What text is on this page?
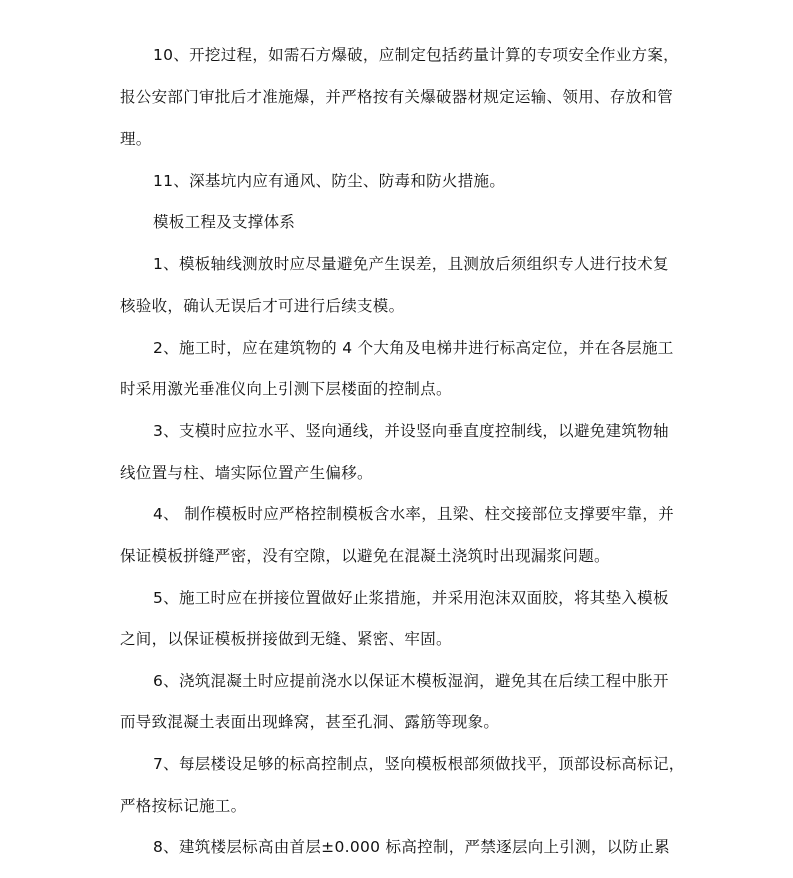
10、开挖过程，如需石方爆破，应制定包括药量计算的专项安全作业方案，
报公安部门审批后才准施爆，并严格按有关爆破器材规定运输、领用、存放和管
理。
11、深基坑内应有通风、防尘、防毒和防火措施。
模板工程及支撑体系
1、模板轴线测放时应尽量避免产生误差，且测放后须组织专人进行技术复
核验收，确认无误后才可进行后续支模。
2、施工时，应在建筑物的 4 个大角及电梯井进行标高定位，并在各层施工
时采用激光垂准仪向上引测下层楼面的控制点。
3、支模时应拉水平、竖向通线，并设竖向垂直度控制线，以避免建筑物轴
线位置与柱、墙实际位置产生偏移。
4、 制作模板时应严格控制模板含水率，且梁、柱交接部位支撑要牢靠，并
保证模板拼缝严密，没有空隙，以避免在混凝土浇筑时出现漏浆问题。
5、施工时应在拼接位置做好止浆措施，并采用泡沫双面胶，将其垫入模板
之间，以保证模板拼接做到无缝、紧密、牢固。
6、浇筑混凝土时应提前浇水以保证木模板湿润，避免其在后续工程中胀开
而导致混凝土表面出现蜂窝，甚至孔洞、露筋等现象。
7、每层楼设足够的标高控制点，竖向模板根部须做找平，顶部设标高标记，
严格按标记施工。
8、建筑楼层标高由首层±0.000 标高控制，严禁逐层向上引测，以防止累
